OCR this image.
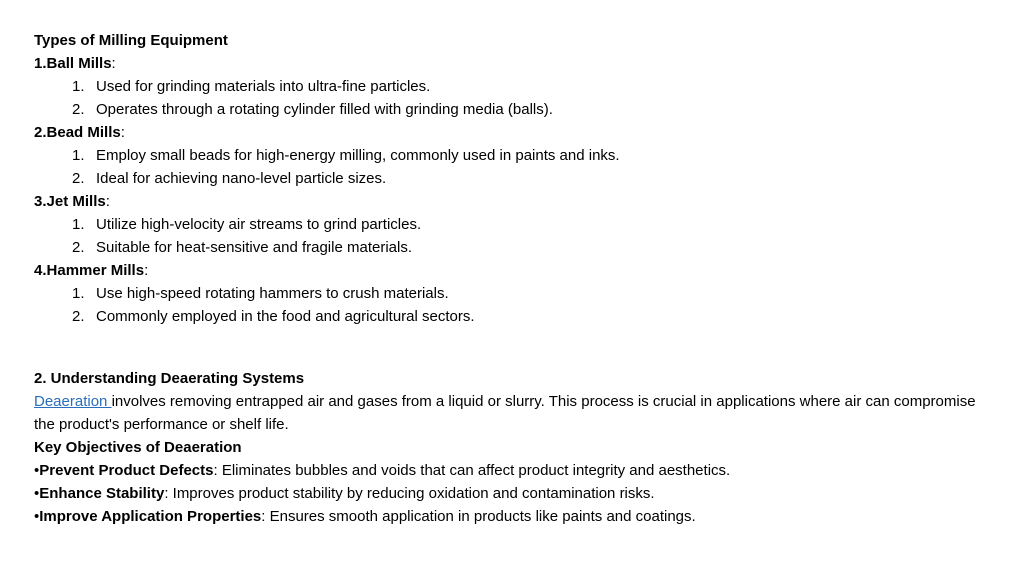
Types of Milling Equipment
1.Ball Mills:
1. Used for grinding materials into ultra-fine particles.
2. Operates through a rotating cylinder filled with grinding media (balls).
2.Bead Mills:
1. Employ small beads for high-energy milling, commonly used in paints and inks.
2. Ideal for achieving nano-level particle sizes.
3.Jet Mills:
1. Utilize high-velocity air streams to grind particles.
2. Suitable for heat-sensitive and fragile materials.
4.Hammer Mills:
1. Use high-speed rotating hammers to crush materials.
2. Commonly employed in the food and agricultural sectors.
2. Understanding Deaerating Systems
Deaeration involves removing entrapped air and gases from a liquid or slurry. This process is crucial in applications where air can compromise the product's performance or shelf life.
Key Objectives of Deaeration
•Prevent Product Defects: Eliminates bubbles and voids that can affect product integrity and aesthetics.
•Enhance Stability: Improves product stability by reducing oxidation and contamination risks.
•Improve Application Properties: Ensures smooth application in products like paints and coatings.
